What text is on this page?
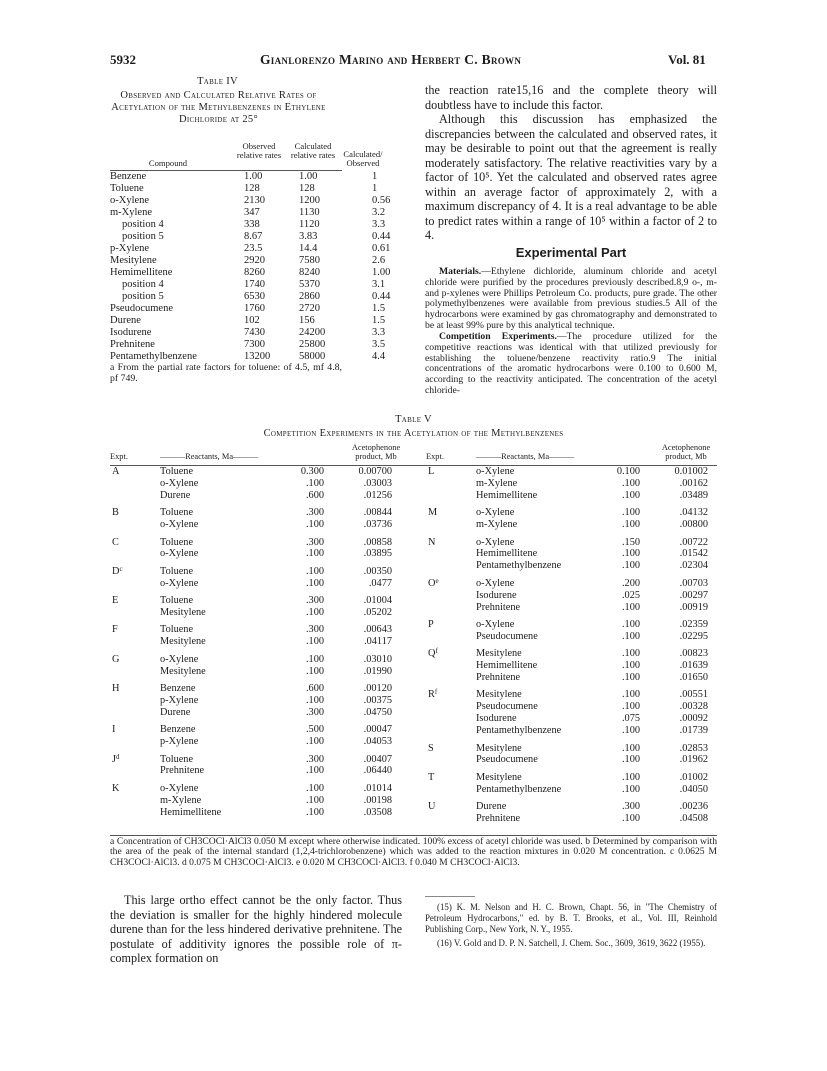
5932	Gianlorenzo Marino and Herbert C. Brown	Vol. 81
Table IV
Observed and Calculated Relative Rates of Acetylation of the Methylbenzenes in Ethylene Dichloride at 25°
Compound
Observed relative rates
Calculated relative rates Calculated/ Observed
Benzene	1.00	1.00	1
Toluene	128	128	1
o-Xylene	2130	1200	0.56
m-Xylene	347	1130	3.2
position 4	338	1120	3.3
position 5	8.67	3.83	0.44
p-Xylene	23.5	14.4	0.61
Mesitylene	2920	7580	2.6
Hemimellitene	8260	8240	1.00
position 4	1740	5370	3.1
position 5	6530	2860	0.44
Pseudocumene	1760	2720	1.5
Durene	102	156	1.5
Isodurene	7430	24200	3.3
Prehnitene	7300	25800	3.5
Pentamethylbenzene	13200	58000	4.4
a From the partial rate factors for toluene: of 4.5, mf 4.8, pf 749.
the reaction rate15,16 and the complete theory will doubtless have to include this factor.
Although this discussion has emphasized the discrepancies between the calculated and observed rates, it may be desirable to point out that the agreement is really moderately satisfactory. The relative reactivities vary by a factor of 10⁵. Yet the calculated and observed rates agree within an average factor of approximately 2, with a maximum discrepancy of 4. It is a real advantage to be able to predict rates within a range of 10⁵ within a factor of 2 to 4.
Experimental Part
Materials.—Ethylene dichloride, aluminum chloride and acetyl chloride were purified by the procedures previously described.8,9 o-, m- and p-xylenes were Phillips Petroleum Co. products, pure grade. The other polymethylbenzenes were available from previous studies.5 All of the hydrocarbons were examined by gas chromatography and demonstrated to be at least 99% pure by this analytical technique.
Competition Experiments.—The procedure utilized for the competitive reactions was identical with that utilized previously for establishing the toluene/benzene reactivity ratio.9 The initial concentrations of the aromatic hydrocarbons were 0.100 to 0.600 M, according to the reactivity anticipated. The concentration of the acetyl chloride-
Table V
Competition Experiments in the Acetylation of the Methylbenzenes
Expt.	———Reactants, Ma———
Acetophenone product, Mb	Expt.	———Reactants, Ma———
Acetophenone product, Mb
A	Toluene	0.300	0.00700
o-Xylene	.100	.03003
Durene	.600	.01256
B	Toluene	.300	.00844
o-Xylene	.100	.03736
C	Toluene	.300	.00858
o-Xylene	.100	.03895
$D^c$	Toluene	.100	.00350
o-Xylene	.100	.0477
E	Toluene	.300	.01004
Mesitylene	.100	.05202
F	Toluene	.300	.00643
Mesitylene	.100	.04117
G	o-Xylene	.100	.03010
Mesitylene	.100	.01990
H	Benzene	.600	.00120
p-Xylene	.100	.00375
Durene	.300	.04750
I	Benzene	.500	.00047
p-Xylene	.100	.04053
$J^d$	Toluene	.300	.00407
Prehnitene	.100	.06440
K	o-Xylene	.100	.01014
m-Xylene	.100	.00198
Hemimellitene	.100	.03508
L	o-Xylene	0.100	0.01002
m-Xylene	.100	.00162
Hemimellitene	.100	.03489
M	o-Xylene	.100	.04132
m-Xylene	.100	.00800
N	o-Xylene	.150	.00722
Hemimellitene	.100	.01542
Pentamethylbenzene	.100	.02304
$O^e$	o-Xylene	.200	.00703
Isodurene	.025	.00297
Prehnitene	.100	.00919
P	o-Xylene	.100	.02359
Pseudocumene	.100	.02295
$Q^f$	Mesitylene	.100	.00823
Hemimellitene	.100	.01639
Prehnitene	.100	.01650
$R^f$	Mesitylene	.100	.00551
Pseudocumene	.100	.00328
Isodurene	.075	.00092
Pentamethylbenzene	.100	.01739
S	Mesitylene	.100	.02853
Pseudocumene	.100	.01962
T	Mesitylene	.100	.01002
Pentamethylbenzene	.100	.04050
U	Durene	.300	.00236
Prehnitene	.100	.04508
a Concentration of CH3COCl·AlCl3 0.050 M except where otherwise indicated. 100% excess of acetyl chloride was used. b Determined by comparison with the area of the peak of the internal standard (1,2,4-trichlorobenzene) which was added to the reaction mixtures in 0.020 M concentration. c 0.0625 M CH3COCl·AlCl3. d 0.075 M CH3COCl·AlCl3. e 0.020 M CH3COCl·AlCl3. f 0.040 M CH3COCl·AlCl3.
This large ortho effect cannot be the only factor. Thus the deviation is smaller for the highly hindered molecule durene than for the less hindered derivative prehnitene. The postulate of additivity ignores the possible role of π-complex formation on
(15) K. M. Nelson and H. C. Brown, Chapt. 56, in "The Chemistry of Petroleum Hydrocarbons," ed. by B. T. Brooks, et al., Vol. III, Reinhold Publishing Corp., New York, N. Y., 1955.
(16) V. Gold and D. P. N. Satchell, J. Chem. Soc., 3609, 3619, 3622 (1955).
